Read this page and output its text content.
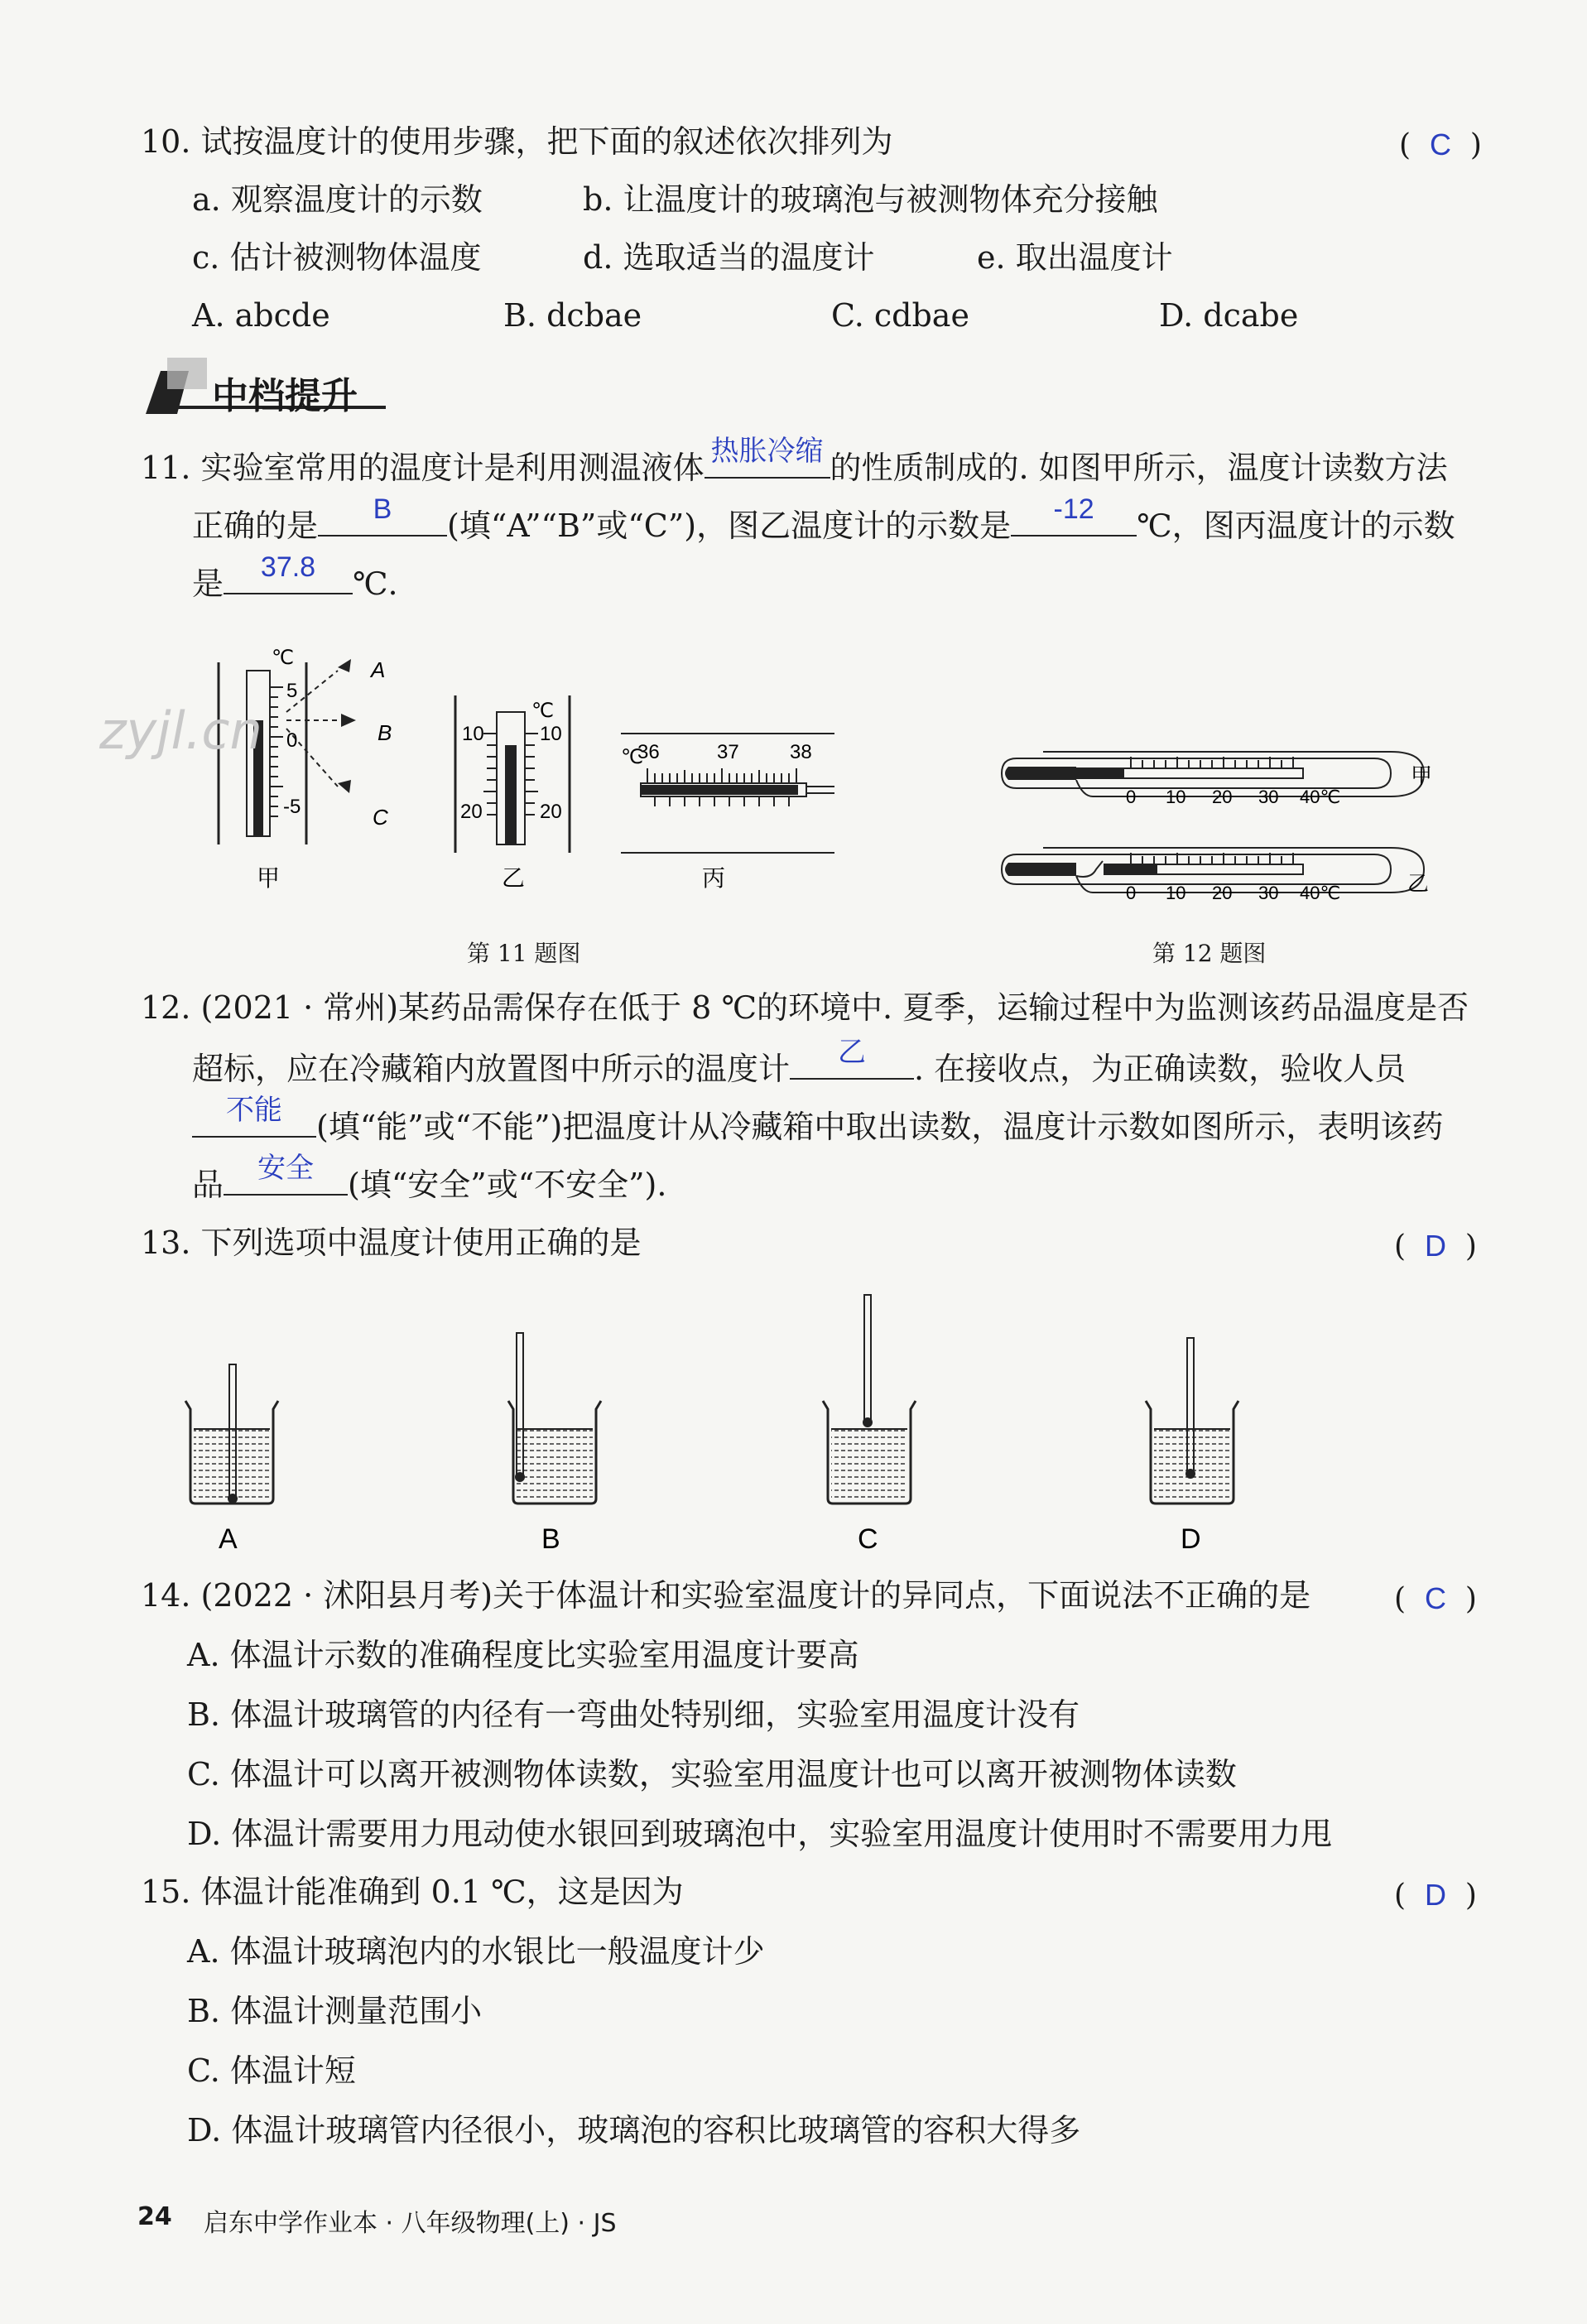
10. 试按温度计的使用步骤，把下面的叙述依次排列为	(  C  )
a. 观察温度计的示数	b. 让温度计的玻璃泡与被测物体充分接触
c. 估计被测物体温度	d. 选取适当的温度计	e. 取出温度计
A. abcde	B. dcbae	C. cdbae	D. dcabe
中档提升
11. 实验室常用的温度计是利用测温液体 热胀冷缩 的性质制成的. 如图甲所示，温度计读数方法
正确的是	B	(填“A”“B”或“C”)，图乙温度计的示数是	-12	℃，图丙温度计的示数
是	37.8	℃.
℃
5
0
-5
A
B
C
甲
℃
10	10
20	20
乙
℃
36	37	38
丙
第 11 题图
zyjl.cn
0 10 20 30 40℃
甲
0 10 20 30 40℃	乙
第 12 题图
12. (2021 · 常州)某药品需保存在低于 8 ℃的环境中. 夏季，运输过程中为监测该药品温度是否
超标，应在冷藏箱内放置图中所示的温度计	乙	. 在接收点，为正确读数，验收人员
不能	(填“能”或“不能”)把温度计从冷藏箱中取出读数，温度计示数如图所示，表明该药
品	安全	(填“安全”或“不安全”).
13. 下列选项中温度计使用正确的是	(  D  )
A	B	C	D
14. (2022 · 沭阳县月考)关于体温计和实验室温度计的异同点，下面说法不正确的是	(  C  )
A. 体温计示数的准确程度比实验室用温度计要高
B. 体温计玻璃管的内径有一弯曲处特别细，实验室用温度计没有
C. 体温计可以离开被测物体读数，实验室用温度计也可以离开被测物体读数
D. 体温计需要用力甩动使水银回到玻璃泡中，实验室用温度计使用时不需要用力甩
15. 体温计能准确到 0.1 ℃，这是因为	(  D  )
A. 体温计玻璃泡内的水银比一般温度计少
B. 体温计测量范围小
C. 体温计短
D. 体温计玻璃管内径很小，玻璃泡的容积比玻璃管的容积大得多
24 启东中学作业本 · 八年级物理(上) · JS
